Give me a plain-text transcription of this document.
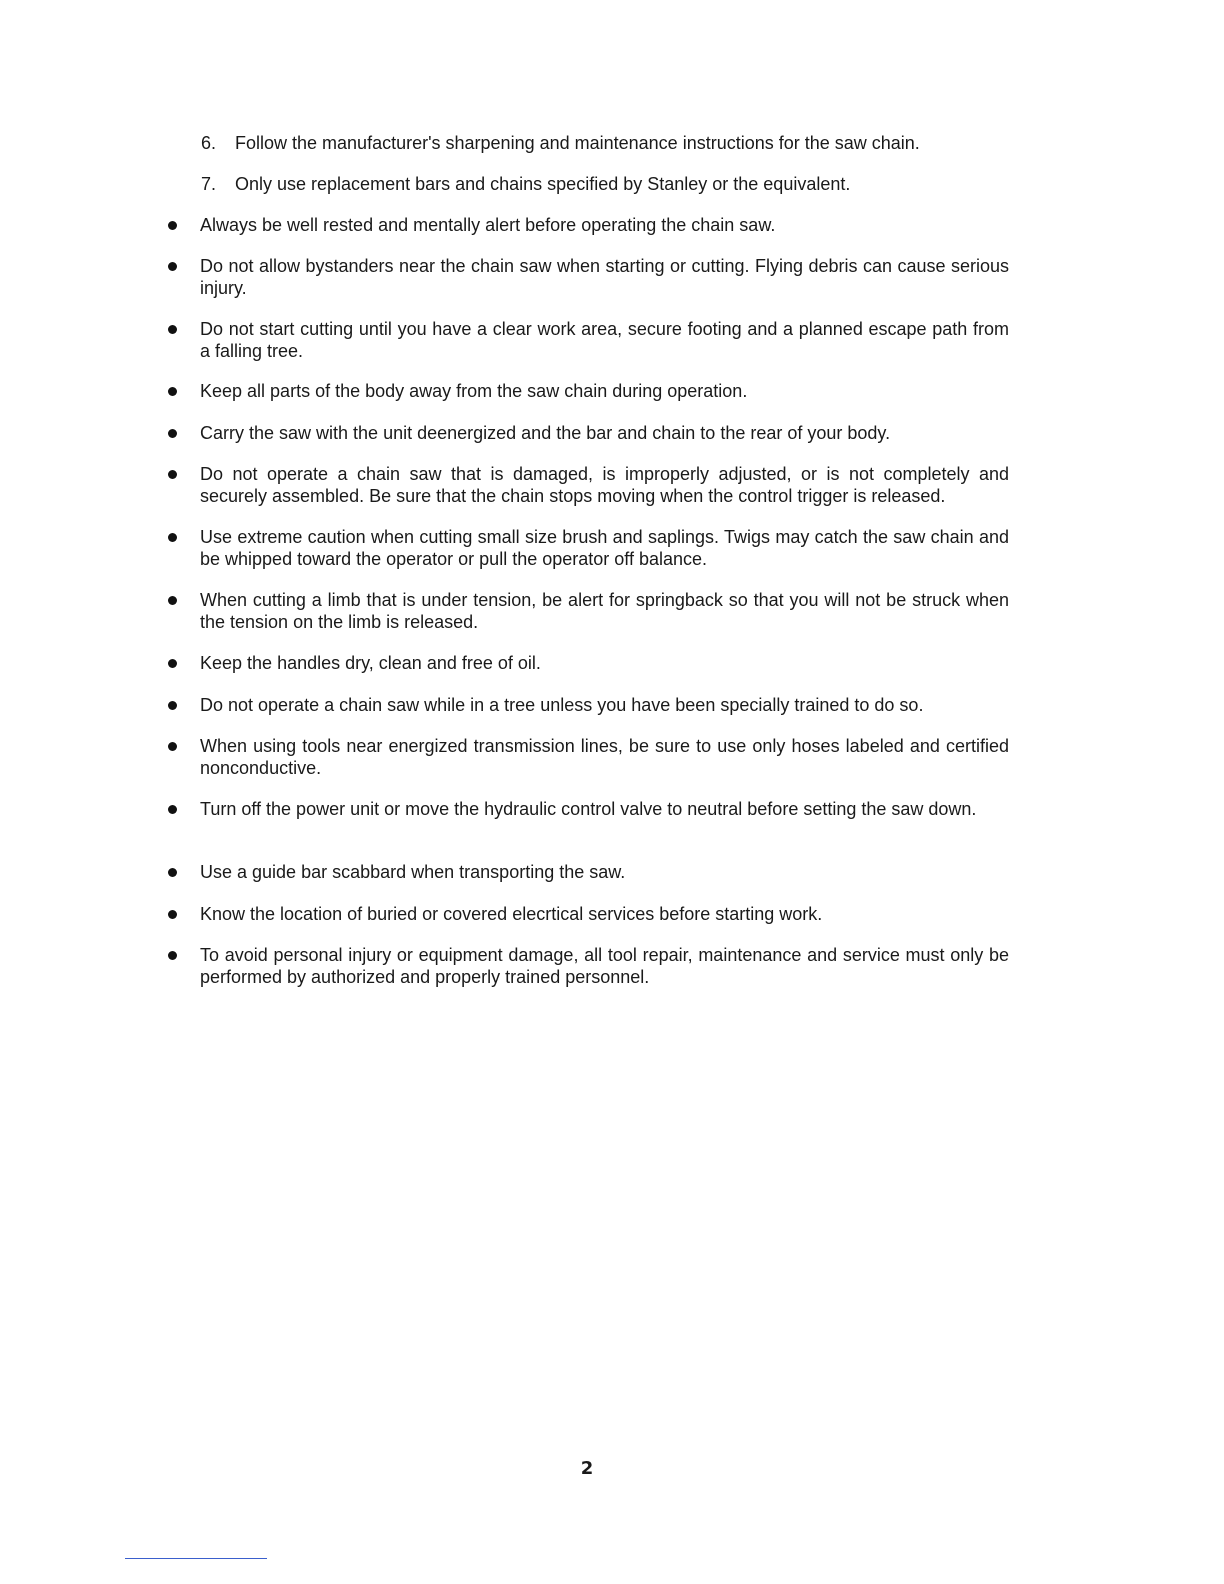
6.	Follow the manufacturer's sharpening and maintenance instructions for the saw chain.
7.	Only use replacement bars and chains specified by Stanley or the equivalent.
Always be well rested and mentally alert before operating the chain saw.
Do not allow bystanders near the chain saw when starting or cutting. Flying debris can cause serious injury.
Do not start cutting until you have a clear work area, secure footing and a planned escape path from a falling tree.
Keep all parts of the body away from the saw chain during operation.
Carry the saw with the unit deenergized and the bar and chain to the rear of your body.
Do not operate a chain saw that is damaged, is improperly adjusted, or is not completely and securely assembled. Be sure that the chain stops moving when the control trigger is released.
Use extreme caution when cutting small size brush and saplings. Twigs may catch the saw chain and be whipped toward the operator or pull the operator off balance.
When cutting a limb that is under tension, be alert for springback so that you will not be struck when the tension on the limb is released.
Keep the handles dry, clean and free of oil.
Do not operate a chain saw while in a tree unless you have been specially trained to do so.
When using tools near energized transmission lines, be sure to use only hoses labeled and certified nonconductive.
Turn off the power unit or move the hydraulic control valve to neutral before setting the saw down.
Use a guide bar scabbard when transporting the saw.
Know the location of buried or covered elecrtical services before starting work.
To avoid personal injury or equipment damage, all tool repair, maintenance and service must only be performed by authorized and properly trained personnel.
2
